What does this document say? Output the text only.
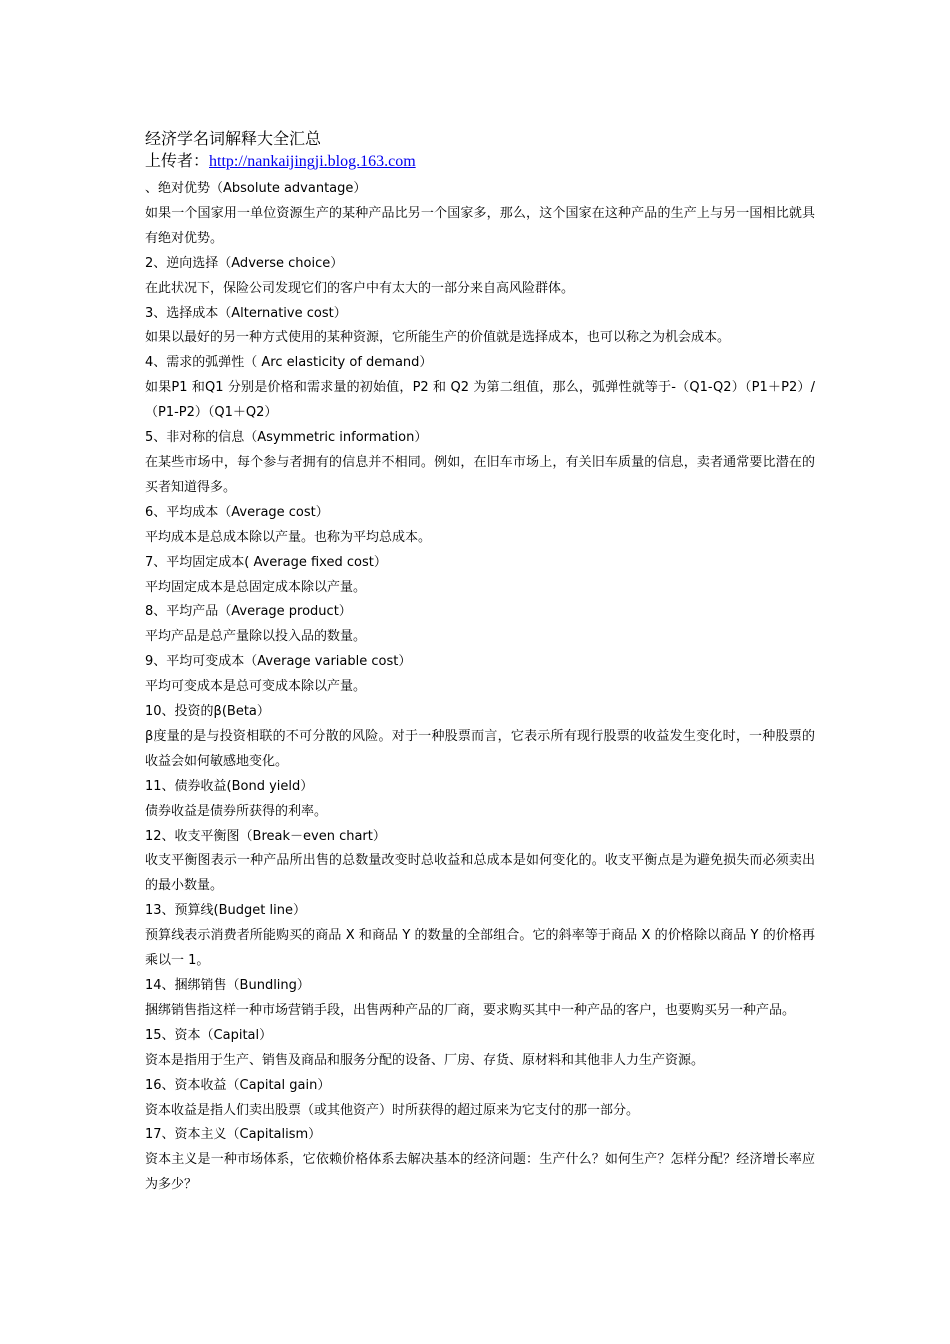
经济学名词解释大全汇总
上传者：http://nankaijingji.blog.163.com
、绝对优势（Absolute advantage）
如果一个国家用一单位资源生产的某种产品比另一个国家多，那么，这个国家在这种产品的生产上与另一国相比就具有绝对优势。
2、逆向选择（Adverse choice）
在此状况下，保险公司发现它们的客户中有太大的一部分来自高风险群体。
3、选择成本（Alternative cost）
如果以最好的另一种方式使用的某种资源，它所能生产的价值就是选择成本，也可以称之为机会成本。
4、需求的弧弹性（ Arc elasticity of demand）
如果P1 和Q1 分别是价格和需求量的初始值，P2 和 Q2 为第二组值，那么，弧弹性就等于-（Q1-Q2）（P1＋P2）/（P1-P2）（Q1＋Q2）
5、非对称的信息（Asymmetric information）
在某些市场中，每个参与者拥有的信息并不相同。例如，在旧车市场上，有关旧车质量的信息，卖者通常要比潜在的买者知道得多。
6、平均成本（Average cost）
平均成本是总成本除以产量。也称为平均总成本。
7、平均固定成本( Average fixed cost）
平均固定成本是总固定成本除以产量。
8、平均产品（Average product）
平均产品是总产量除以投入品的数量。
9、平均可变成本（Average variable cost）
平均可变成本是总可变成本除以产量。
10、投资的β(Beta）
β度量的是与投资相联的不可分散的风险。对于一种股票而言，它表示所有现行股票的收益发生变化时，一种股票的收益会如何敏感地变化。
11、债券收益(Bond yield）
债券收益是债券所获得的利率。
12、收支平衡图（Break－even chart）
收支平衡图表示一种产品所出售的总数量改变时总收益和总成本是如何变化的。收支平衡点是为避免损失而必须卖出的最小数量。
13、预算线(Budget line）
预算线表示消费者所能购买的商品 X 和商品 Y 的数量的全部组合。它的斜率等于商品 X 的价格除以商品 Y 的价格再乘以一 1。
14、捆绑销售（Bundling）
捆绑销售指这样一种市场营销手段，出售两种产品的厂商，要求购买其中一种产品的客户，也要购买另一种产品。
15、资本（Capital）
资本是指用于生产、销售及商品和服务分配的设备、厂房、存货、原材料和其他非人力生产资源。
16、资本收益（Capital gain）
资本收益是指人们卖出股票（或其他资产）时所获得的超过原来为它支付的那一部分。
17、资本主义（Capitalism）
资本主义是一种市场体系，它依赖价格体系去解决基本的经济问题：生产什么？如何生产？怎样分配？经济增长率应为多少？
